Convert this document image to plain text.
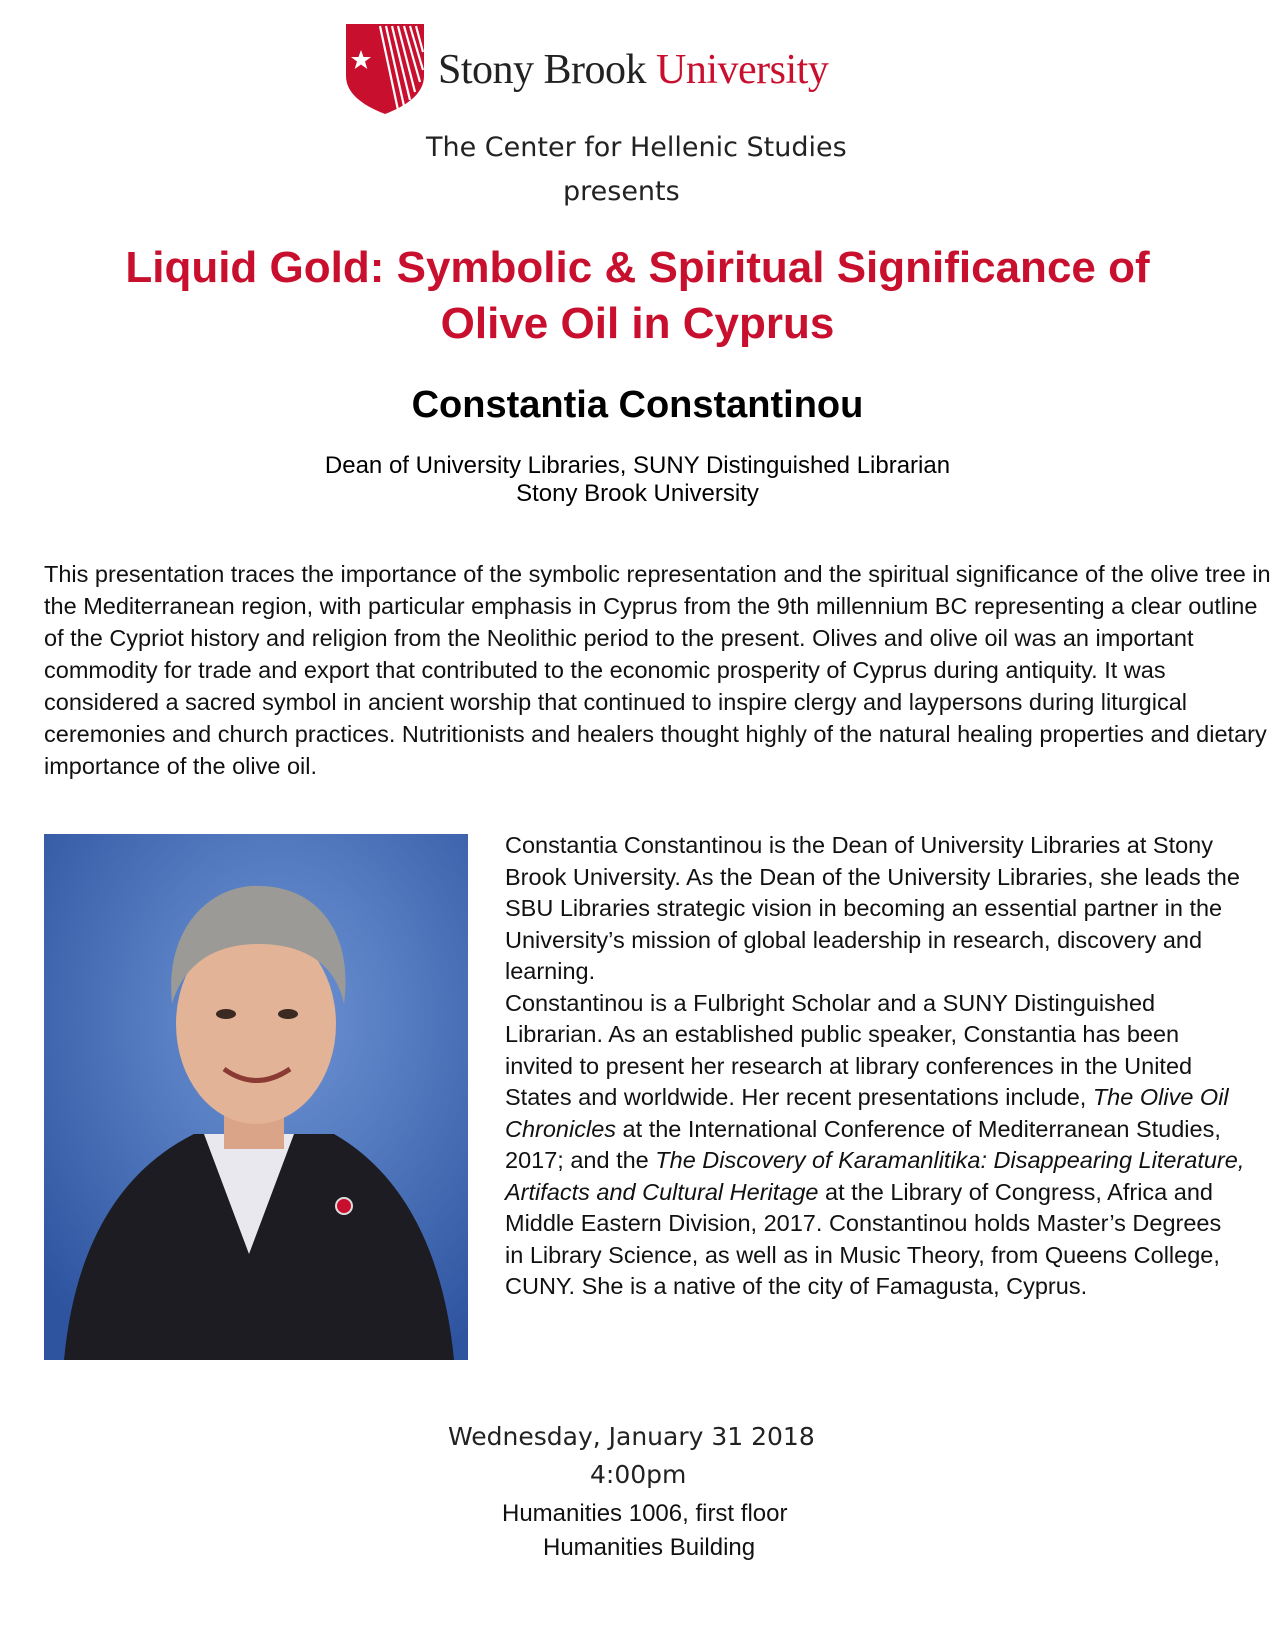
Stony Brook University
The Center for Hellenic Studies
presents
Liquid Gold: Symbolic & Spiritual Significance of
Olive Oil in Cyprus
Constantia Constantinou
Dean of University Libraries, SUNY Distinguished Librarian
Stony Brook University
This presentation traces the importance of the symbolic representation and the spiritual significance of the olive tree in the Mediterranean region, with particular emphasis in Cyprus from the 9th millennium BC representing a clear outline of the Cypriot history and religion from the Neolithic period to the present. Olives and olive oil was an important commodity for trade and export that contributed to the economic prosperity of Cyprus during antiquity. It was considered a sacred symbol in ancient worship that continued to inspire clergy and laypersons during liturgical ceremonies and church practices. Nutritionists and healers thought highly of the natural healing properties and dietary importance of the olive oil.
Constantia Constantinou is the Dean of University Libraries at Stony Brook University. As the Dean of the University Libraries, she leads the SBU Libraries strategic vision in becoming an essential partner in the University’s mission of global leadership in research, discovery and learning.
Constantinou is a Fulbright Scholar and a SUNY Distinguished Librarian. As an established public speaker, Constantia has been invited to present her research at library conferences in the United States and worldwide. Her recent presentations include, The Olive Oil Chronicles at the International Conference of Mediterranean Studies, 2017; and the The Discovery of Karamanlitika: Disappearing Literature, Artifacts and Cultural Heritage at the Library of Congress, Africa and Middle Eastern Division, 2017. Constantinou holds Master’s Degrees in Library Science, as well as in Music Theory, from Queens College, CUNY. She is a native of the city of Famagusta, Cyprus.
Wednesday, January 31 2018
4:00pm
Humanities 1006, first floor
Humanities Building
